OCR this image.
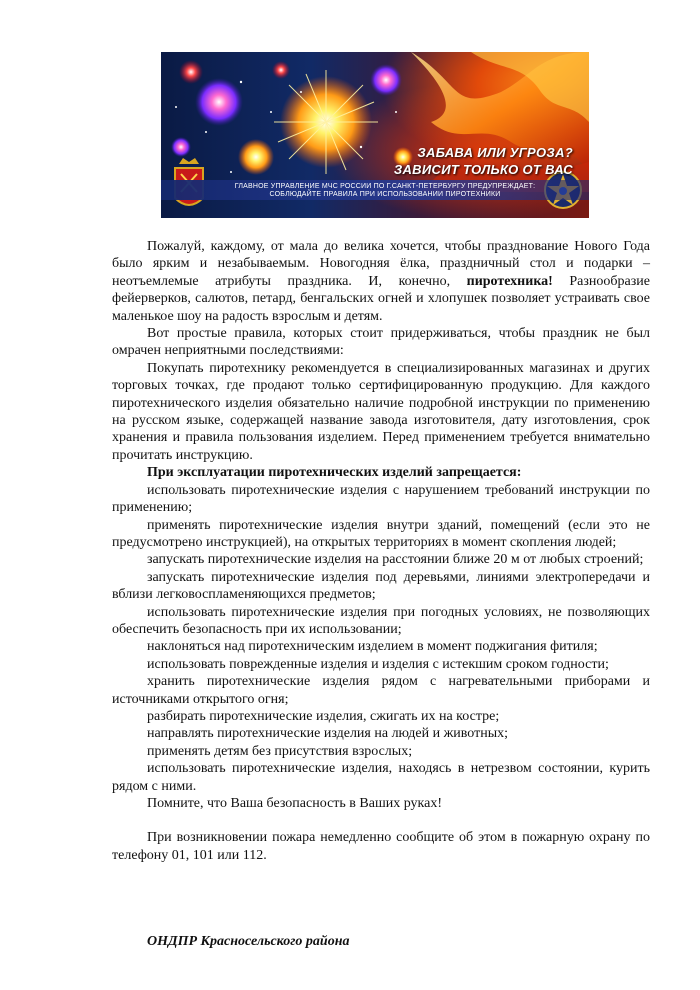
ЗАБАВА ИЛИ УГРОЗА?
ЗАВИСИТ ТОЛЬКО ОТ ВАС
ГЛАВНОЕ УПРАВЛЕНИЕ МЧС РОССИИ ПО Г.САНКТ-ПЕТЕРБУРГУ ПРЕДУПРЕЖДАЕТ:
СОБЛЮДАЙТЕ ПРАВИЛА ПРИ ИСПОЛЬЗОВАНИИ ПИРОТЕХНИКИ

Пожалуй, каждому, от мала до велика хочется, чтобы празднование Нового Года было ярким и незабываемым. Новогодняя ёлка, праздничный стол и подарки – неотъемлемые атрибуты праздника. И, конечно, пиротехника! Разнообразие фейерверков, салютов, петард, бенгальских огней и хлопушек позволяет устраивать свое маленькое шоу на радость взрослым и детям.

Вот простые правила, которых стоит придерживаться, чтобы праздник не был омрачен неприятными последствиями:

Покупать пиротехнику рекомендуется в специализированных магазинах и других торговых точках, где продают только сертифицированную продукцию. Для каждого пиротехнического изделия обязательно наличие подробной инструкции по применению на русском языке, содержащей название завода изготовителя, дату изготовления, срок хранения и правила пользования изделием. Перед применением требуется внимательно прочитать инструкцию.

При эксплуатации пиротехнических изделий запрещается:

использовать пиротехнические изделия с нарушением требований инструкции по применению;

применять пиротехнические изделия внутри зданий, помещений (если это не предусмотрено инструкцией), на открытых территориях в момент скопления людей;

запускать пиротехнические изделия на расстоянии ближе 20 м от любых строений;

запускать пиротехнические изделия под деревьями, линиями электропередачи и вблизи легковоспламеняющихся предметов;

использовать пиротехнические изделия при погодных условиях, не позволяющих обеспечить безопасность при их использовании;

наклоняться над пиротехническим изделием в момент поджигания фитиля;

использовать поврежденные изделия и изделия с истекшим сроком годности;

хранить пиротехнические изделия рядом с нагревательными приборами и источниками открытого огня;

разбирать пиротехнические изделия, сжигать их на костре;

направлять пиротехнические изделия на людей и животных;

применять детям без присутствия взрослых;

использовать пиротехнические изделия, находясь в нетрезвом состоянии, курить рядом с ними.

Помните, что Ваша безопасность в Ваших руках!

При возникновении пожара немедленно сообщите об этом в пожарную охрану по телефону 01, 101 или 112.

ОНДПР Красносельского района
